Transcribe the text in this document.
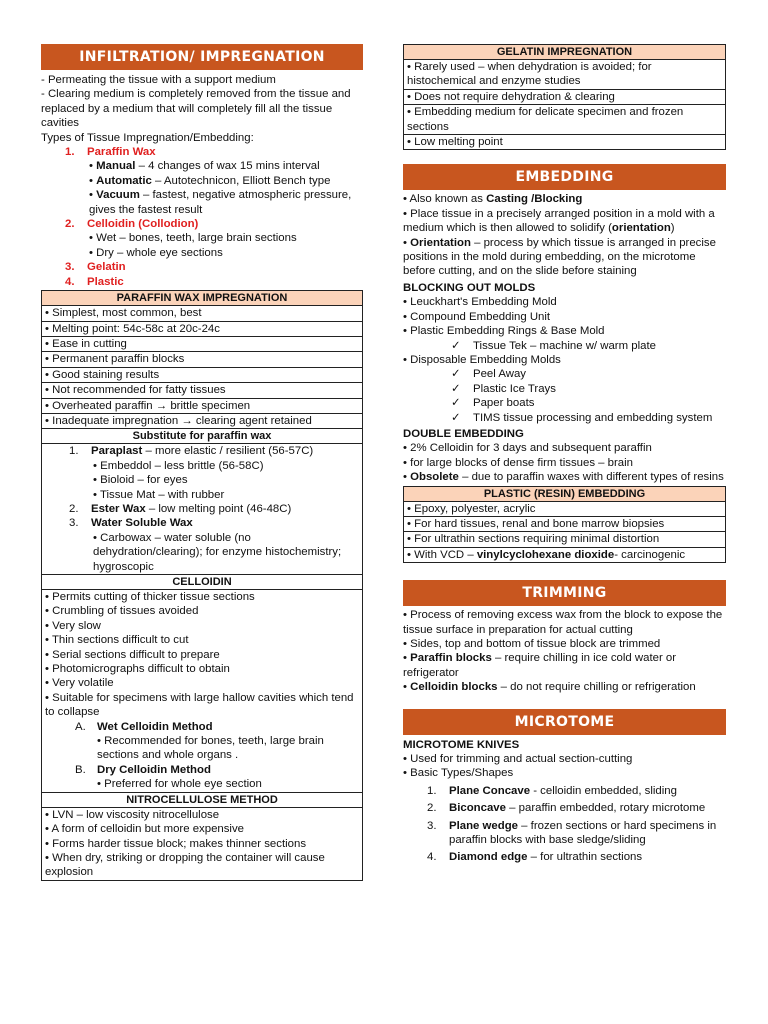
INFILTRATION/ IMPREGNATION

- Permeating the tissue with a support medium

- Clearing medium is completely removed from the tissue and replaced by a medium that will completely fill all the tissue cavities

Types of Tissue Impregnation/Embedding:

1. Paraffin Wax
• Manual – 4 changes of wax 15 mins interval
• Automatic – Autotechnicon, Elliott Bench type
• Vacuum – fastest, negative atmospheric pressure, gives the fastest result
2. Celloidin (Collodion)
• Wet – bones, teeth, large brain sections
• Dry – whole eye sections
3. Gelatin
4. Plastic
PARAFFIN WAX IMPREGNATION
• Simplest, most common, best
• Melting point: 54c-58c at 20c-24c
• Ease in cutting
• Permanent paraffin blocks
• Good staining results
• Not recommended for fatty tissues
• Overheated paraffin → brittle specimen
• Inadequate impregnation → clearing agent retained
Substitute for paraffin wax
1. Paraplast – more elastic / resilient (56-57C)
• Embeddol – less brittle (56-58C)
• Bioloid – for eyes
• Tissue Mat – with rubber
2. Ester Wax – low melting point (46-48C)
3. Water Soluble Wax
• Carbowax – water soluble (no dehydration/clearing); for enzyme histochemistry; hygroscopic
CELLOIDIN
• Permits cutting of thicker tissue sections
• Crumbling of tissues avoided
• Very slow
• Thin sections difficult to cut
• Serial sections difficult to prepare
• Photomicrographs difficult to obtain
• Very volatile
• Suitable for specimens with large hallow cavities which tend to collapse
A. Wet Celloidin Method
• Recommended for bones, teeth, large brain sections and whole organs .
B. Dry Celloidin Method
• Preferred for whole eye section
NITROCELLULOSE METHOD
• LVN – low viscosity nitrocellulose
• A form of celloidin but more expensive
• Forms harder tissue block; makes thinner sections
• When dry, striking or dropping the container will cause explosion
GELATIN IMPREGNATION
• Rarely used – when dehydration is avoided; for histochemical and enzyme studies
• Does not require dehydration & clearing
• Embedding medium for delicate specimen and frozen sections
• Low melting point
EMBEDDING
• Also known as Casting /Blocking
• Place tissue in a precisely arranged position in a mold with a medium which is then allowed to solidify (orientation)
• Orientation – process by which tissue is arranged in precise positions in the mold during embedding, on the microtome before cutting, and on the slide before staining
BLOCKING OUT MOLDS
• Leuckhart's Embedding Mold
• Compound Embedding Unit
• Plastic Embedding Rings & Base Mold
✓ Tissue Tek – machine w/ warm plate
• Disposable Embedding Molds
✓ Peel Away
✓ Plastic Ice Trays
✓ Paper boats
✓	TIMS tissue processing and embedding system
DOUBLE EMBEDDING
• 2% Celloidin for 3 days and subsequent paraffin
• for large blocks of dense firm tissues – brain
• Obsolete – due to paraffin waxes with different types of resins
PLASTIC (RESIN) EMBEDDING
• Epoxy, polyester, acrylic
• For hard tissues, renal and bone marrow biopsies
• For ultrathin sections requiring minimal distortion
• With VCD – vinylcyclohexane dioxide- carcinogenic
TRIMMING
• Process of removing excess wax from the block to expose the tissue surface in preparation for actual cutting
• Sides, top and bottom of tissue block are trimmed
• Paraffin blocks – require chilling in ice cold water or refrigerator
• Celloidin blocks – do not require chilling or refrigeration
MICROTOME
MICROTOME KNIVES
• Used for trimming and actual section-cutting
• Basic Types/Shapes
1.	Plane Concave - celloidin embedded, sliding
2.	Biconcave – paraffin embedded, rotary microtome
3.	Plane wedge – frozen sections or hard specimens in paraffin blocks with base sledge/sliding
4.	Diamond edge – for ultrathin sections
